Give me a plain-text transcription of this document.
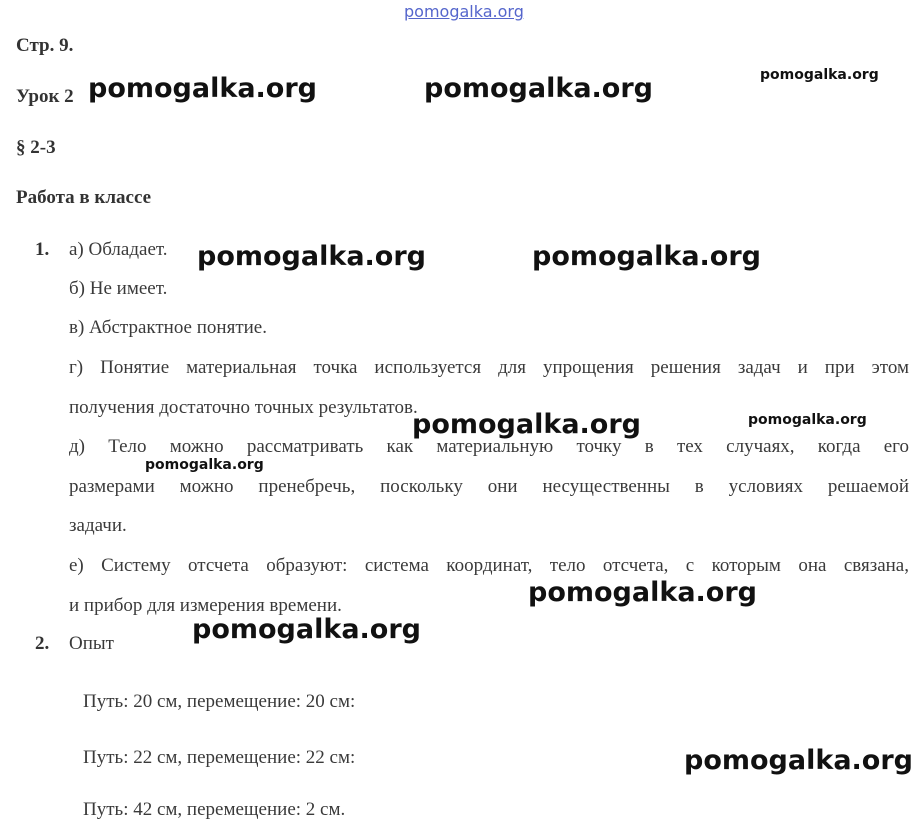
pomogalka.org
Стр. 9.
Урок 2
§ 2-3
Работа в классе
1. а) Обладает.
б) Не имеет.
в) Абстрактное понятие.
г) Понятие материальная точка используется для упрощения решения задач и при этом
получения достаточно точных результатов.
д) Тело можно рассматривать как материальную точку в тех случаях, когда его
размерами можно пренебречь, поскольку они несущественны в условиях решаемой
задачи.
е) Систему отсчета образуют: система координат, тело отсчета, с которым она связана,
и прибор для измерения времени.
2. Опыт
Путь: 20 см, перемещение: 20 см:
Путь: 22 см, перемещение: 22 см:
Путь: 42 см, перемещение: 2 см.
pomogalka.org	pomogalka.org	pomogalka.org
pomogalka.org	pomogalka.org
pomogalka.org	pomogalka.org
pomogalka.org
pomogalka.org
pomogalka.org
pomogalka.org
